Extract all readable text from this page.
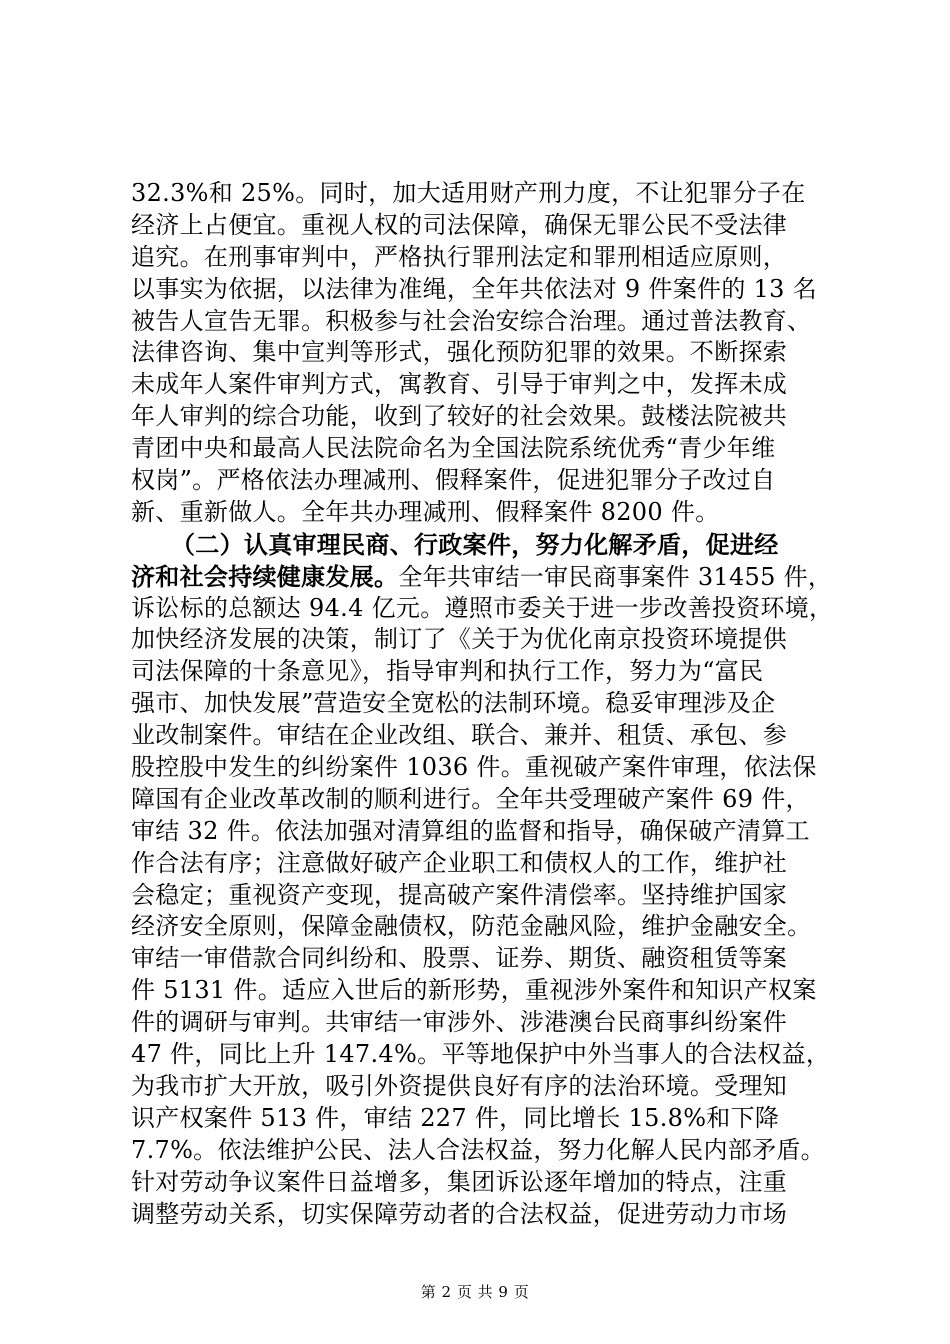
32.3%和 25%。同时，加大适用财产刑力度，不让犯罪分子在
经济上占便宜。重视人权的司法保障，确保无罪公民不受法律
追究。在刑事审判中，严格执行罪刑法定和罪刑相适应原则，
以事实为依据，以法律为准绳，全年共依法对 9 件案件的 13 名
被告人宣告无罪。积极参与社会治安综合治理。通过普法教育、
法律咨询、集中宣判等形式，强化预防犯罪的效果。不断探索
未成年人案件审判方式，寓教育、引导于审判之中，发挥未成
年人审判的综合功能，收到了较好的社会效果。鼓楼法院被共
青团中央和最高人民法院命名为全国法院系统优秀“青少年维
权岗”。严格依法办理减刑、假释案件，促进犯罪分子改过自
新、重新做人。全年共办理减刑、假释案件 8200 件。
（二）认真审理民商、行政案件，努力化解矛盾，促进经
济和社会持续健康发展。全年共审结一审民商事案件 31455 件，
诉讼标的总额达 94.4 亿元。遵照市委关于进一步改善投资环境，
加快经济发展的决策，制订了《关于为优化南京投资环境提供
司法保障的十条意见》，指导审判和执行工作，努力为“富民
强市、加快发展”营造安全宽松的法制环境。稳妥审理涉及企
业改制案件。审结在企业改组、联合、兼并、租赁、承包、参
股控股中发生的纠纷案件 1036 件。重视破产案件审理，依法保
障国有企业改革改制的顺利进行。全年共受理破产案件 69 件，
审结 32 件。依法加强对清算组的监督和指导，确保破产清算工
作合法有序；注意做好破产企业职工和债权人的工作，维护社
会稳定；重视资产变现，提高破产案件清偿率。坚持维护国家
经济安全原则，保障金融债权，防范金融风险，维护金融安全。
审结一审借款合同纠纷和、股票、证券、期货、融资租赁等案
件 5131 件。适应入世后的新形势，重视涉外案件和知识产权案
件的调研与审判。共审结一审涉外、涉港澳台民商事纠纷案件
47 件，同比上升 147.4%。平等地保护中外当事人的合法权益，
为我市扩大开放，吸引外资提供良好有序的法治环境。受理知
识产权案件 513 件，审结 227 件，同比增长 15.8%和下降
7.7%。依法维护公民、法人合法权益，努力化解人民内部矛盾。
针对劳动争议案件日益增多，集团诉讼逐年增加的特点，注重
调整劳动关系，切实保障劳动者的合法权益，促进劳动力市场
第 2 页 共 9 页
